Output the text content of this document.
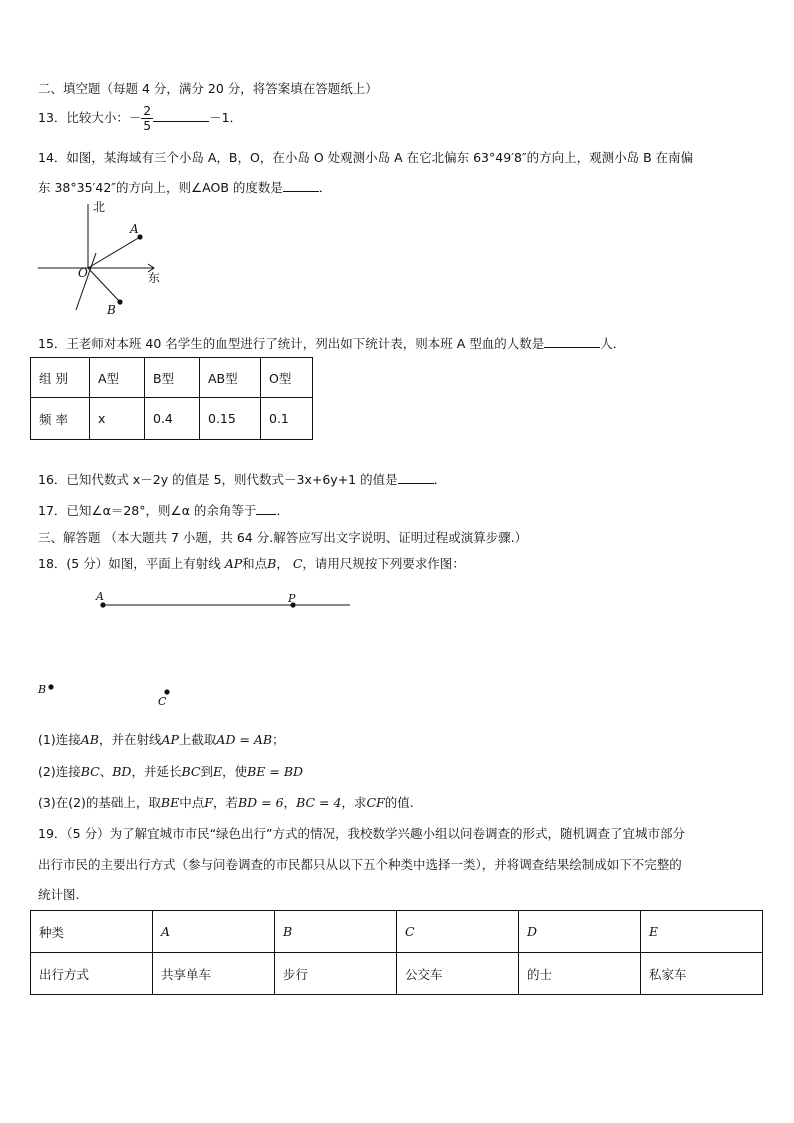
二、填空题（每题 4 分，满分 20 分，将答案填在答题纸上）
13．比较大小：－ $\frac{2}{5}$	－1．
14．如图，某海域有三个小岛 A，B，O，在小岛 O 处观测小岛 A 在它北偏东 63°49′8″的方向上，观测小岛 B 在南偏
东 38°35′42″的方向上，则∠AOB 的度数是	．
北
东
O
A
B
15．王老师对本班 40 名学生的血型进行了统计，列出如下统计表，则本班 A 型血的人数是	人．
组 别	A型	B型	AB型	O型
频 率	x	0.4	0.15	0.1
16．已知代数式 x－2y 的值是 5，则代数式－3x+6y+1 的值是	．
17．已知∠α＝28°，则∠α 的余角等于 ．
三、解答题 （本大题共 7 小题，共 64 分.解答应写出文字说明、证明过程或演算步骤.）
18．(5 分）如图，平面上有射线 AP和点B， C，请用尺规按下列要求作图：
A	P
B
C
(1)连接AB，并在射线AP上截取AD = AB；
(2)连接BC、BD，并延长BC到E，使BE = BD
(3)在(2)的基础上，取BE中点F，若BD = 6，BC = 4，求CF的值.
19．（5 分）为了解宜城市市民“绿色出行”方式的情况，我校数学兴趣小组以问卷调查的形式，随机调查了宜城市部分
出行市民的主要出行方式（参与问卷调查的市民都只从以下五个种类中选择一类），并将调查结果绘制成如下不完整的
统计图.
种类	A	B	C	D	E
出行方式	共享单车	步行	公交车	的士	私家车
